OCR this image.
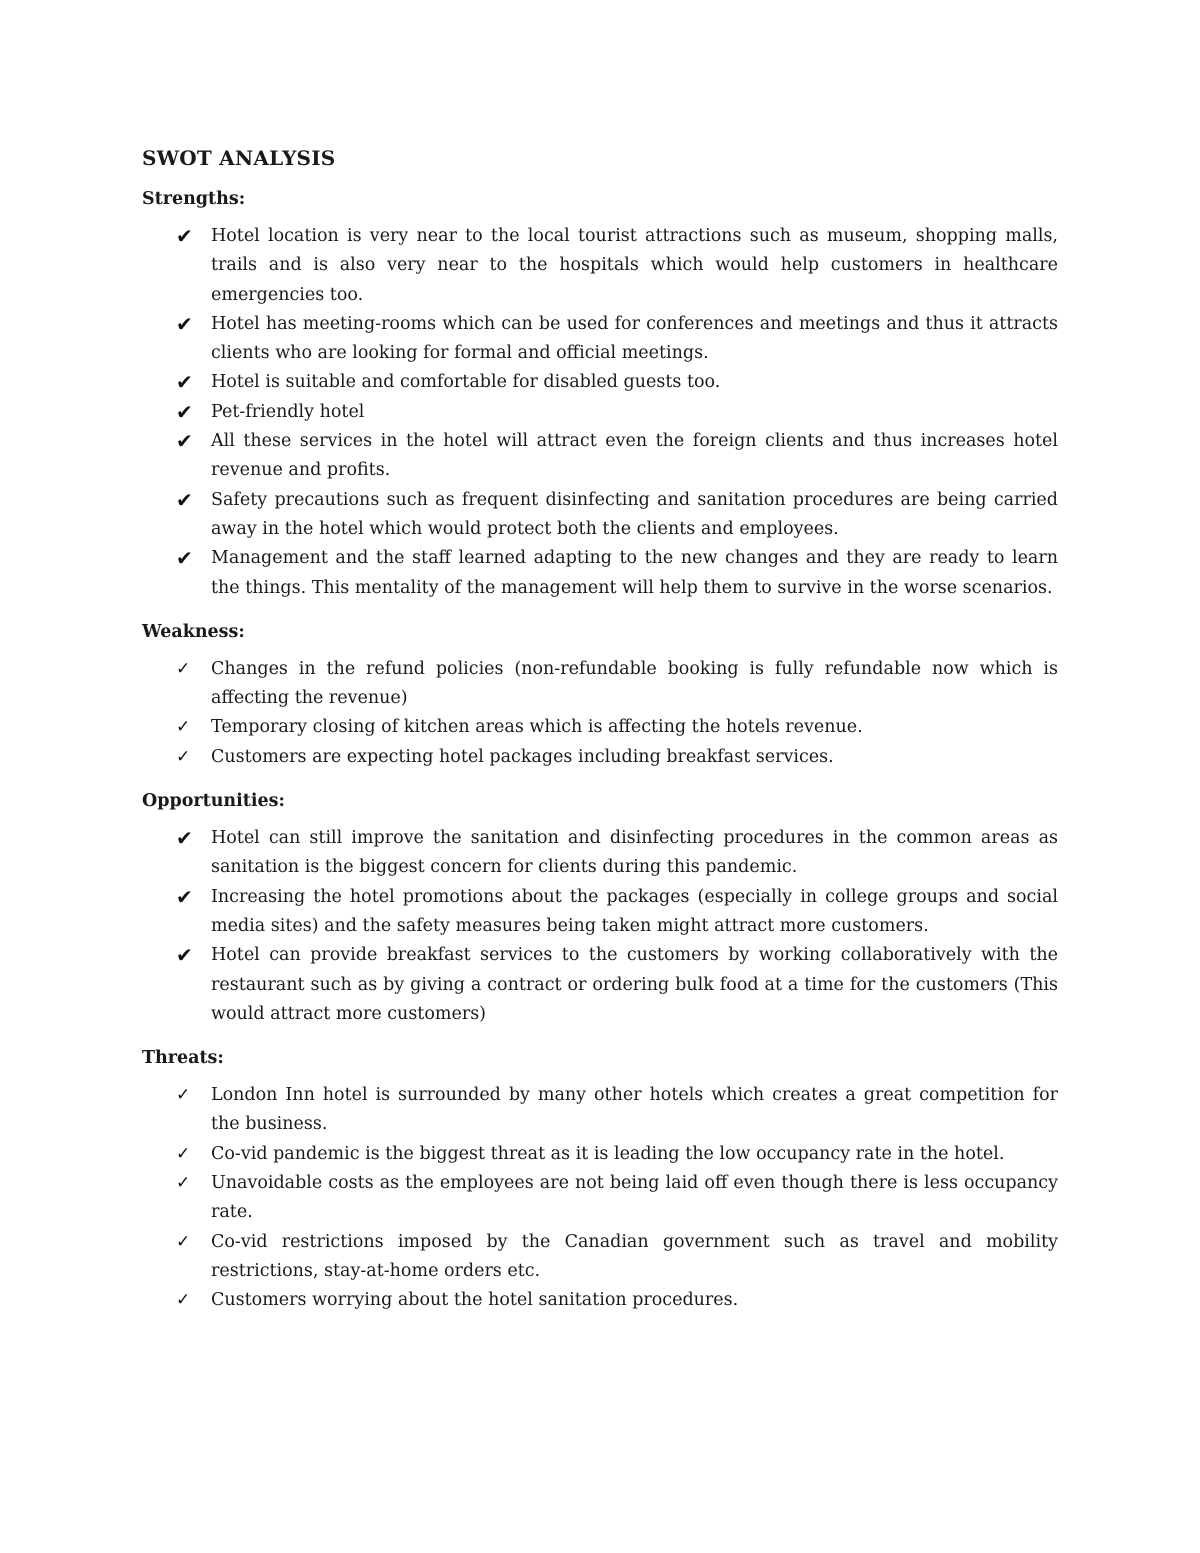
SWOT ANALYSIS
Strengths:
✔	Hotel location is very near to the local tourist attractions such as museum, shopping malls, trails and is also very near to the hospitals which would help customers in healthcare emergencies too.
✔	Hotel has meeting-rooms which can be used for conferences and meetings and thus it attracts clients who are looking for formal and official meetings.
✔	Hotel is suitable and comfortable for disabled guests too.
✔	Pet-friendly hotel
✔	All these services in the hotel will attract even the foreign clients and thus increases hotel revenue and profits.
✔	Safety precautions such as frequent disinfecting and sanitation procedures are being carried away in the hotel which would protect both the clients and employees.
✔	Management and the staff learned adapting to the new changes and they are ready to learn the things. This mentality of the management will help them to survive in the worse scenarios.
Weakness:
✓	Changes in the refund policies (non-refundable booking is fully refundable now which is affecting the revenue)
✓	Temporary closing of kitchen areas which is affecting the hotels revenue.
✓	Customers are expecting hotel packages including breakfast services.
Opportunities:
✔	Hotel can still improve the sanitation and disinfecting procedures in the common areas as sanitation is the biggest concern for clients during this pandemic.
✔	Increasing the hotel promotions about the packages (especially in college groups and social media sites) and the safety measures being taken might attract more customers.
✔	Hotel can provide breakfast services to the customers by working collaboratively with the restaurant such as by giving a contract or ordering bulk food at a time for the customers (This would attract more customers)
Threats:
✓	London Inn hotel is surrounded by many other hotels which creates a great competition for the business.
✓	Co-vid pandemic is the biggest threat as it is leading the low occupancy rate in the hotel.
✓	Unavoidable costs as the employees are not being laid off even though there is less occupancy rate.
✓	Co-vid restrictions imposed by the Canadian government such as travel and mobility restrictions, stay-at-home orders etc.
✓	Customers worrying about the hotel sanitation procedures.
